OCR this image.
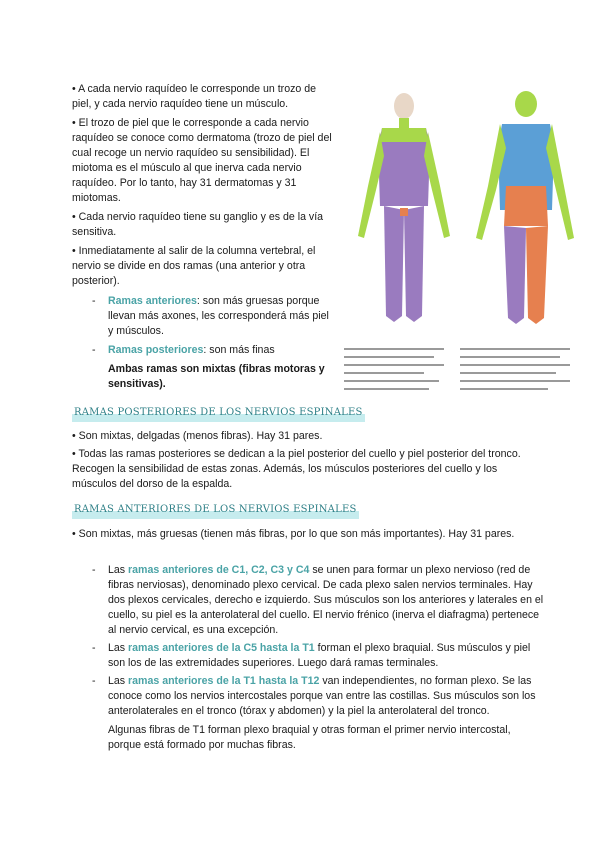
• A cada nervio raquídeo le corresponde un trozo de piel, y cada nervio raquídeo tiene un músculo.

• El trozo de piel que le corresponde a cada nervio raquídeo se conoce como dermatoma (trozo de piel del cual recoge un nervio raquídeo su sensibilidad). El miotoma es el músculo al que inerva cada nervio raquídeo. Por lo tanto, hay 31 dermatomas y 31 miotomas.

• Cada nervio raquídeo tiene su ganglio y es de la vía sensitiva.

• Inmediatamente al salir de la columna vertebral, el nervio se divide en dos ramas (una anterior y otra posterior).

- Ramas anteriores: son más gruesas porque llevan más axones, les corresponderá más piel y músculos.
- Ramas posteriores: son más finas

Ambas ramas son mixtas (fibras motoras y sensitivas).

RAMAS POSTERIORES DE LOS NERVIOS ESPINALES

• Son mixtas, delgadas (menos fibras). Hay 31 pares.

• Todas las ramas posteriores se dedican a la piel posterior del cuello y piel posterior del tronco. Recogen la sensibilidad de estas zonas. Además, los músculos posteriores del cuello y los músculos del dorso de la espalda.

RAMAS ANTERIORES DE LOS NERVIOS ESPINALES

• Son mixtas, más gruesas (tienen más fibras, por lo que son más importantes). Hay 31 pares.

- Las ramas anteriores de C1, C2, C3 y C4 se unen para formar un plexo nervioso (red de fibras nerviosas), denominado plexo cervical. De cada plexo salen nervios terminales. Hay dos plexos cervicales, derecho e izquierdo. Sus músculos son los anteriores y laterales en el cuello, su piel es la anterolateral del cuello. El nervio frénico (inerva el diafragma) pertenece al nervio cervical, es una excepción.
- Las ramas anteriores de la C5 hasta la T1 forman el plexo braquial. Sus músculos y piel son los de las extremidades superiores. Luego dará ramas terminales.
- Las ramas anteriores de la T1 hasta la T12 van independientes, no forman plexo. Se las conoce como los nervios intercostales porque van entre las costillas. Sus músculos son los anterolaterales en el tronco (tórax y abdomen) y la piel la anterolateral del tronco.
Algunas fibras de T1 forman plexo braquial y otras forman el primer nervio intercostal, porque está formado por muchas fibras.
